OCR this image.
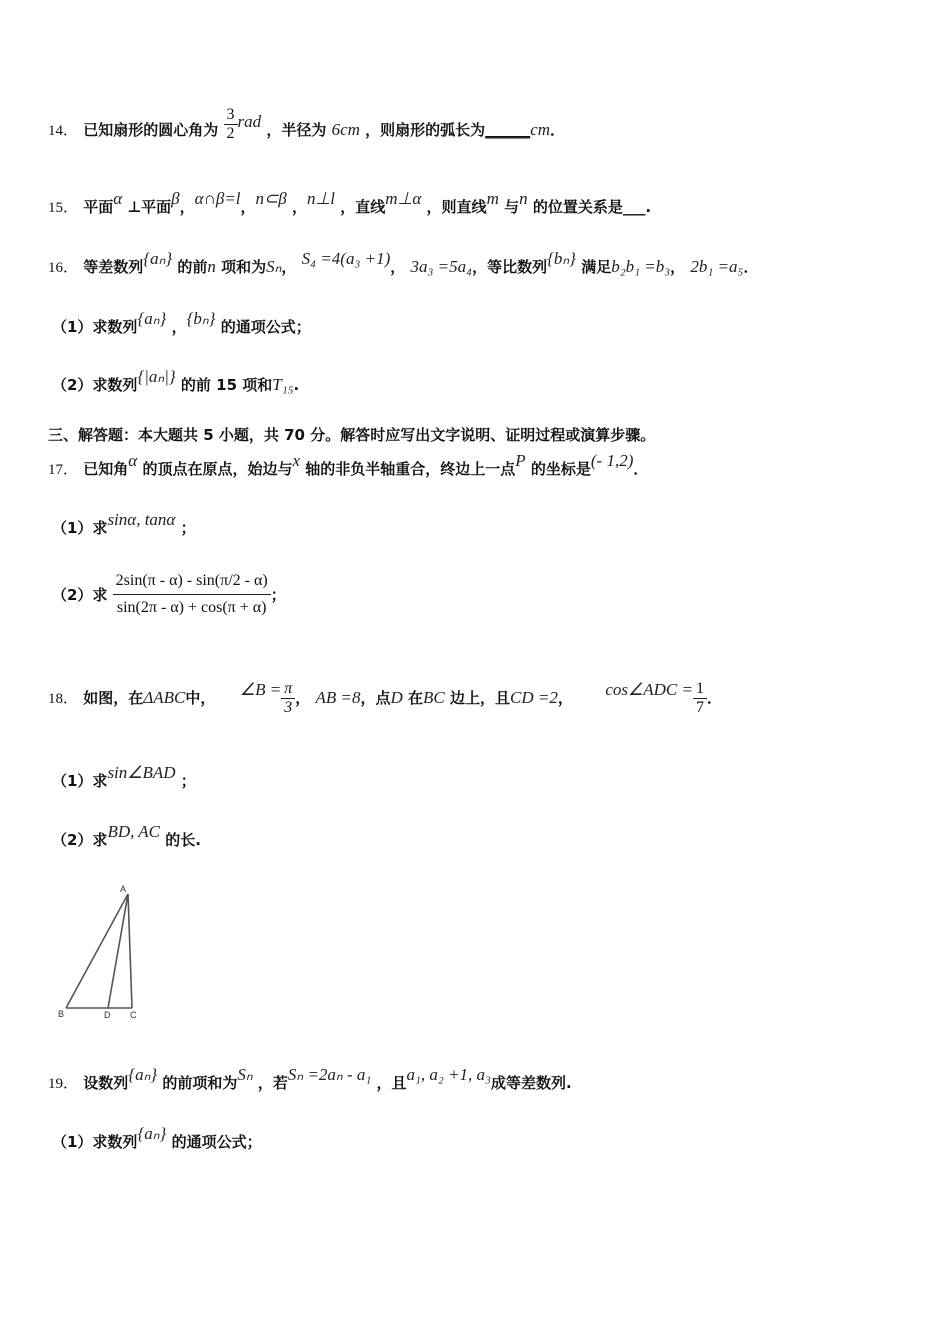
14． 已知扇形的圆心角为 $\frac{3}{2}$ rad ，半径为 6cm ，则扇形的弧长为______cm．
15． 平面α ⊥平面β，α∩β=l，n⊂β ，n⊥l ，直线m⊥α ，则直线m 与n 的位置关系是___.
16． 等差数列{aₙ} 的前n 项和为Sₙ， S₄ =4(a₃ +1)， 3a₃ =5a₄，等比数列{bₙ} 满足b₂b₁ =b₃， 2b₁ =a₅．
（1）求数列{aₙ} ，{bₙ} 的通项公式；
（2）求数列{|aₙ|} 的前 15 项和T₁₅.
三、解答题：本大题共 5 小题，共 70 分。解答时应写出文字说明、证明过程或演算步骤。
17． 已知角α 的顶点在原点，始边与x 轴的非负半轴重合，终边上一点P 的坐标是(- 1,2)．
（1）求sinα, tanα ；
（2）求 $\frac{2\sin(\pi - \alpha) - \sin(\pi/2 - \alpha)}{\sin(2\pi - \alpha) + \cos(\pi + \alpha)}$ ；
18． 如图，在ΔABC中， ∠B = $\frac{\pi}{3}$ ， AB =8，点D 在BC 边上，且CD =2， cos∠ADC = $\frac{1}{7}$ ．
（1）求sin∠BAD ；
（2）求BD, AC 的长.
A
B	D C
19． 设数列{aₙ} 的前项和为Sₙ ，若Sₙ =2aₙ - a₁ ，且a₁, a₂ +1, a₃成等差数列.
（1）求数列{aₙ} 的通项公式；
